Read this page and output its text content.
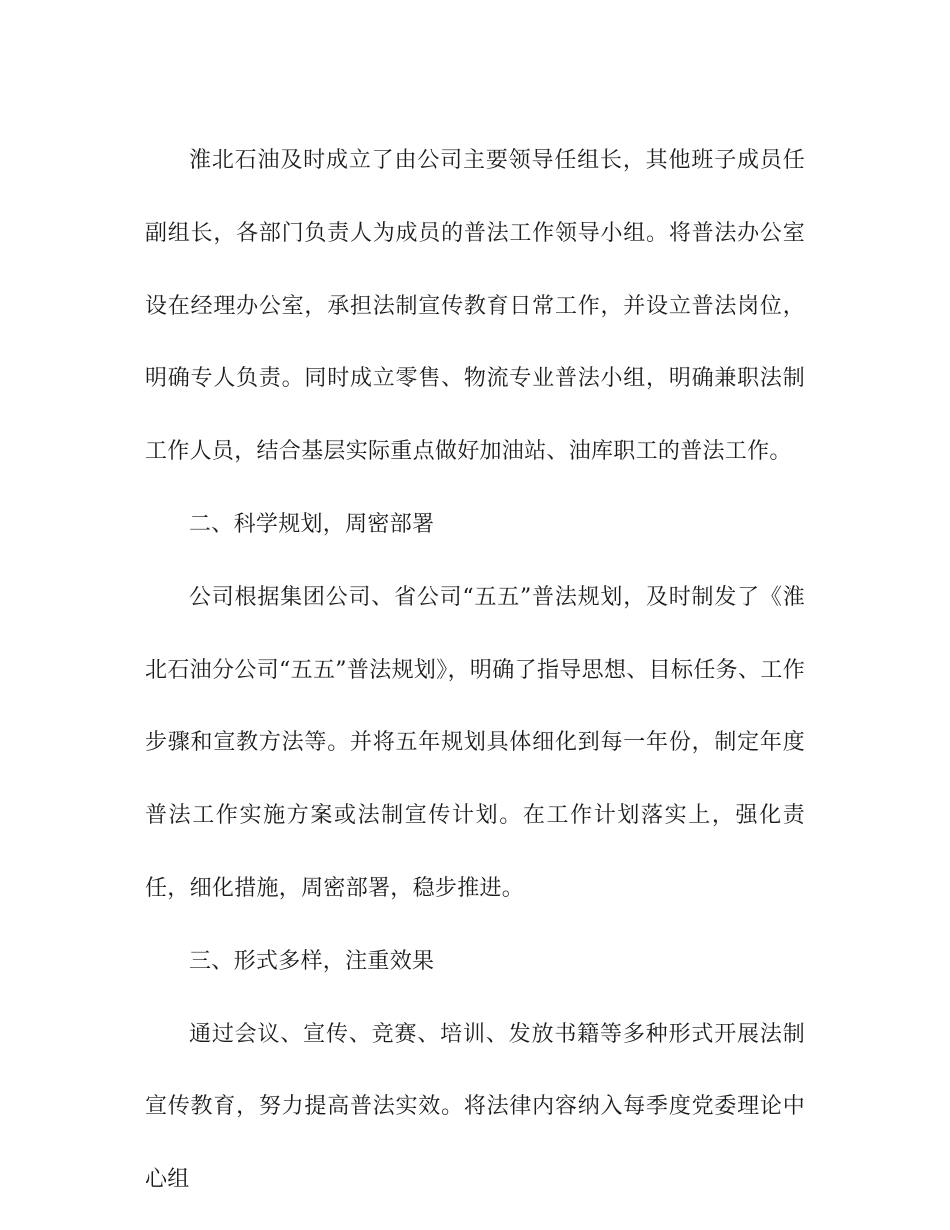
淮北石油及时成立了由公司主要领导任组长，其他班子成员任副组长，各部门负责人为成员的普法工作领导小组。将普法办公室设在经理办公室，承担法制宣传教育日常工作，并设立普法岗位，明确专人负责。同时成立零售、物流专业普法小组，明确兼职法制工作人员，结合基层实际重点做好加油站、油库职工的普法工作。

二、科学规划，周密部署

公司根据集团公司、省公司“五五”普法规划，及时制发了《淮北石油分公司“五五”普法规划》，明确了指导思想、目标任务、工作步骤和宣教方法等。并将五年规划具体细化到每一年份，制定年度普法工作实施方案或法制宣传计划。在工作计划落实上，强化责任，细化措施，周密部署，稳步推进。

三、形式多样，注重效果

通过会议、宣传、竞赛、培训、发放书籍等多种形式开展法制宣传教育，努力提高普法实效。将法律内容纳入每季度党委理论中心组
